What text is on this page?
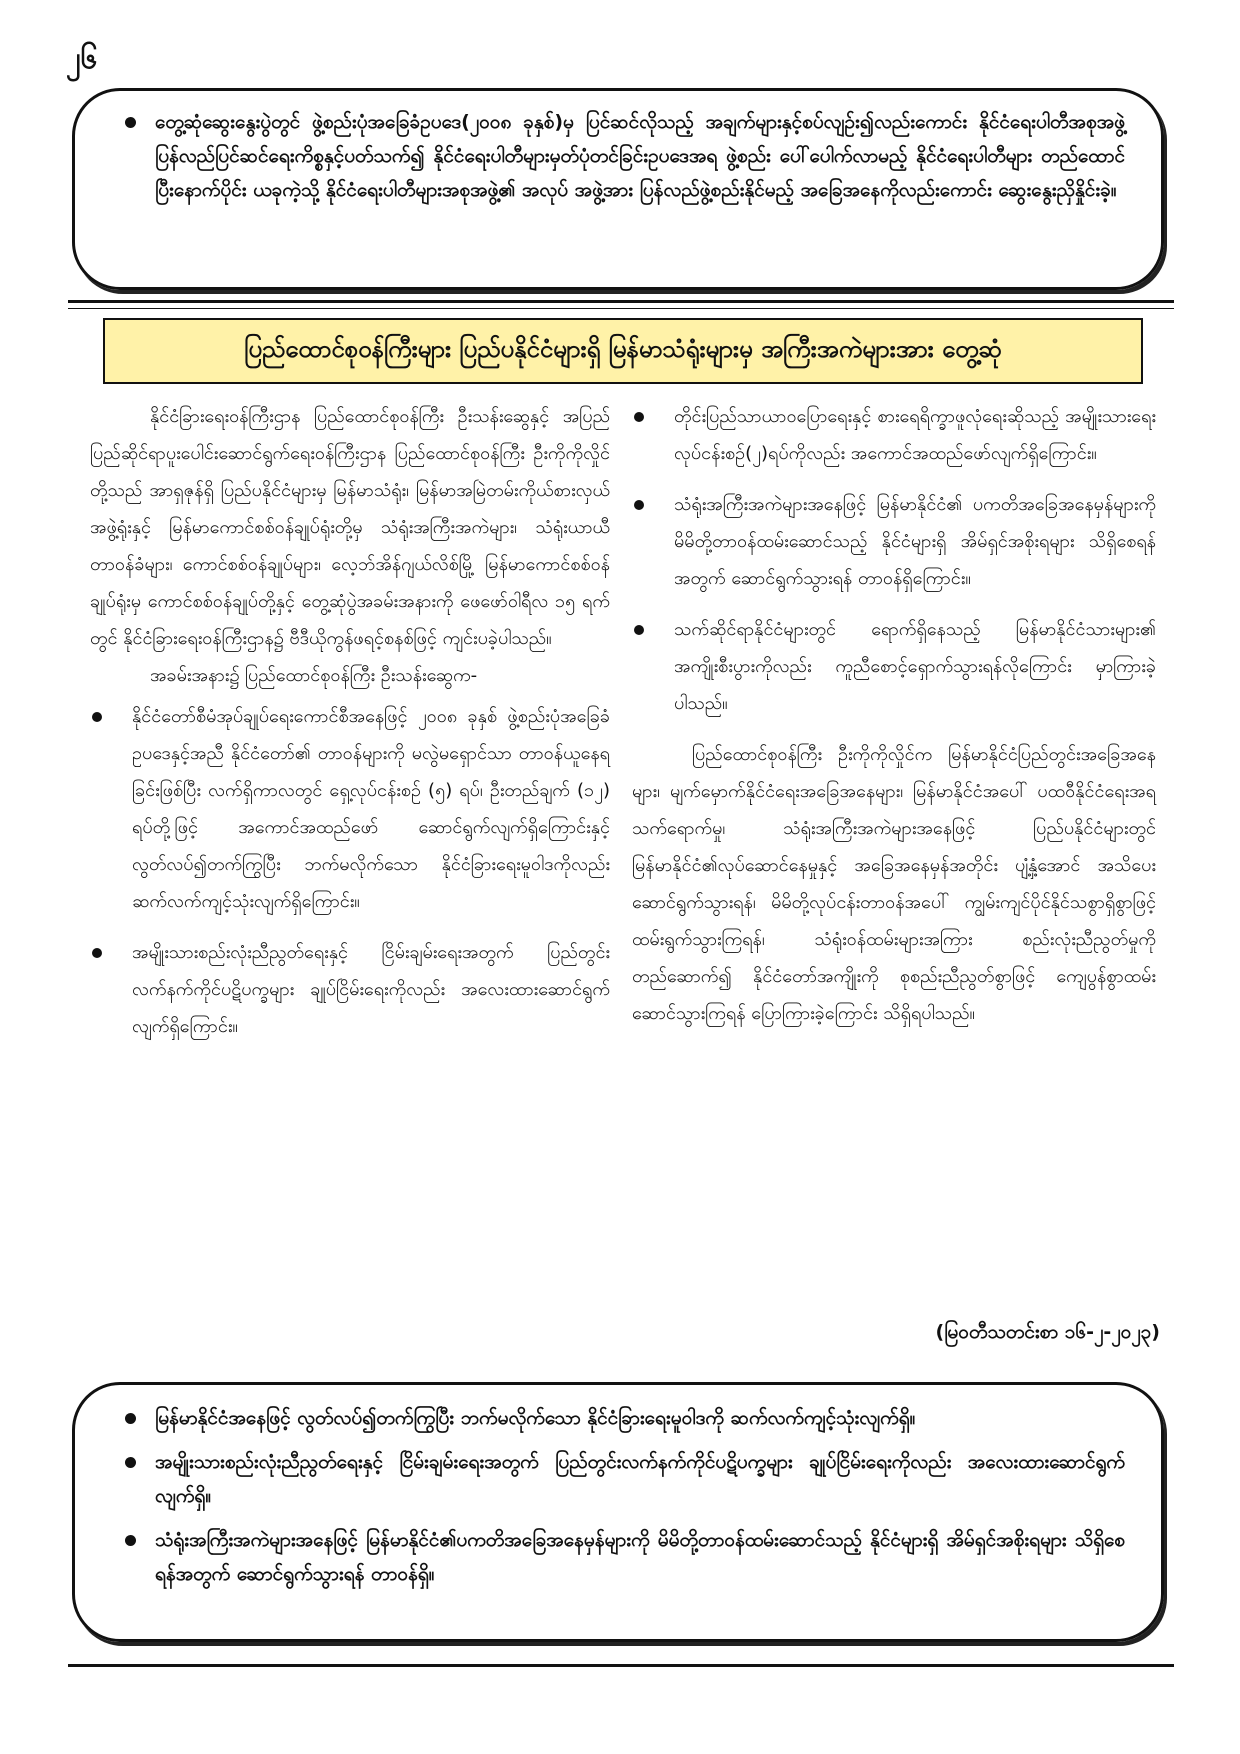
၂၆
တွေ့ဆုံဆွေးနွေးပွဲတွင် ဖွဲ့စည်းပုံအခြေခံဥပဒေ(၂၀၀၈ ခုနှစ်)မှ ပြင်ဆင်လိုသည့် အချက်များနှင့်စပ်လျဉ်း၍လည်းကောင်း နိုင်ငံရေးပါတီအစုအဖွဲ့ ပြန်လည်ပြင်ဆင်ရေးကိစ္စနှင့်ပတ်သက်၍ နိုင်ငံရေးပါတီများမှတ်ပုံတင်ခြင်းဥပဒေအရ ဖွဲ့စည်း ပေါ်ပေါက်လာမည့် နိုင်ငံရေးပါတီများ တည်ထောင်ပြီးနောက်ပိုင်း ယခုကဲ့သို့ နိုင်ငံရေးပါတီများအစုအဖွဲ့၏ အလုပ် အဖွဲ့အား ပြန်လည်ဖွဲ့စည်းနိုင်မည့် အခြေအနေကိုလည်းကောင်း ဆွေးနွေးညှိနှိုင်းခဲ့။
ပြည်ထောင်စုဝန်ကြီးများ ပြည်ပနိုင်ငံများရှိ မြန်မာသံရုံးများမှ အကြီးအကဲများအား တွေ့ဆုံ

နိုင်ငံခြားရေးဝန်ကြီးဌာန ပြည်ထောင်စုဝန်ကြီး ဦးသန်းဆွေနှင့် အပြည်ပြည်ဆိုင်ရာပူးပေါင်းဆောင်ရွက်ရေးဝန်ကြီးဌာန ပြည်ထောင်စုဝန်ကြီး ဦးကိုကိုလှိုင်တို့သည် အာရှဇုန်ရှိ ပြည်ပနိုင်ငံများမှ မြန်မာသံရုံး၊ မြန်မာအမြဲတမ်းကိုယ်စားလှယ်အဖွဲ့ရုံးနှင့် မြန်မာကောင်စစ်ဝန်ချုပ်ရုံးတို့မှ သံရုံးအကြီးအကဲများ၊ သံရုံးယာယီတာဝန်ခံများ၊ ကောင်စစ်ဝန်ချုပ်များ၊ လေ့ဘ်အိန်ဂျယ်လိစ်မြို့ မြန်မာကောင်စစ်ဝန်ချုပ်ရုံးမှ ကောင်စစ်ဝန်ချုပ်တို့နှင့် တွေ့ဆုံပွဲအခမ်းအနားကို ဖေဖော်ဝါရီလ ၁၅ ရက်တွင် နိုင်ငံခြားရေးဝန်ကြီးဌာန၌ ဗီဒီယိုကွန်ဖရင့်စနစ်ဖြင့် ကျင်းပခဲ့ပါသည်။

အခမ်းအနား၌ ပြည်ထောင်စုဝန်ကြီး ဦးသန်းဆွေက-

နိုင်ငံတော်စီမံအုပ်ချုပ်ရေးကောင်စီအနေဖြင့် ၂၀၀၈ ခုနှစ် ဖွဲ့စည်းပုံအခြေခံဥပဒေနှင့်အညီ နိုင်ငံတော်၏ တာဝန်များကို မလွဲမရှောင်သာ တာဝန်ယူနေရခြင်းဖြစ်ပြီး လက်ရှိကာလတွင် ရှေ့လုပ်ငန်းစဉ် (၅) ရပ်၊ ဦးတည်ချက် (၁၂) ရပ်တို့ဖြင့် အကောင်အထည်ဖော် ဆောင်ရွက်လျက်ရှိကြောင်းနှင့် လွတ်လပ်၍တက်ကြွပြီး ဘက်မလိုက်သော နိုင်ငံခြားရေးမူဝါဒကိုလည်း ဆက်လက်ကျင့်သုံးလျက်ရှိကြောင်း။
အမျိုးသားစည်းလုံးညီညွတ်ရေးနှင့် ငြိမ်းချမ်းရေးအတွက် ပြည်တွင်းလက်နက်ကိုင်ပဋိပက္ခများ ချုပ်ငြိမ်းရေးကိုလည်း အလေးထားဆောင်ရွက်လျက်ရှိကြောင်း။
တိုင်းပြည်သာယာဝပြောရေးနှင့် စားရေရိက္ခာဖူလုံရေးဆိုသည့် အမျိုးသားရေးလုပ်ငန်းစဉ်(၂)ရပ်ကိုလည်း အကောင်အထည်ဖော်လျက်ရှိကြောင်း။
သံရုံးအကြီးအကဲများအနေဖြင့် မြန်မာနိုင်ငံ၏ ပကတိအခြေအနေမှန်များကို မိမိတို့တာဝန်ထမ်းဆောင်သည့် နိုင်ငံများရှိ အိမ်ရှင်အစိုးရများ သိရှိစေရန်အတွက် ဆောင်ရွက်သွားရန် တာဝန်ရှိကြောင်း။
သက်ဆိုင်ရာနိုင်ငံများတွင် ရောက်ရှိနေသည့် မြန်မာနိုင်ငံသားများ၏ အကျိုးစီးပွားကိုလည်း ကူညီစောင့်ရှောက်သွားရန်လိုကြောင်း မှာကြားခဲ့ပါသည်။

ပြည်ထောင်စုဝန်ကြီး ဦးကိုကိုလှိုင်က မြန်မာနိုင်ငံပြည်တွင်းအခြေအနေများ၊ မျက်မှောက်နိုင်ငံရေးအခြေအနေများ၊ မြန်မာနိုင်ငံအပေါ် ပထဝီနိုင်ငံရေးအရ သက်ရောက်မှု၊ သံရုံးအကြီးအကဲများအနေဖြင့် ပြည်ပနိုင်ငံများတွင် မြန်မာနိုင်ငံ၏လုပ်ဆောင်နေမှုနှင့် အခြေအနေမှန်အတိုင်း ပျံ့နှံ့အောင် အသိပေးဆောင်ရွက်သွားရန်၊ မိမိတို့လုပ်ငန်းတာဝန်အပေါ် ကျွမ်းကျင်ပိုင်နိုင်သစွာရှိစွာဖြင့် ထမ်းရွက်သွားကြရန်၊ သံရုံးဝန်ထမ်းများအကြား စည်းလုံးညီညွတ်မှုကို တည်ဆောက်၍ နိုင်ငံတော်အကျိုးကို စုစည်းညီညွတ်စွာဖြင့် ကျေပွန်စွာထမ်းဆောင်သွားကြရန် ပြောကြားခဲ့ကြောင်း သိရှိရပါသည်။

(မြဝတီသတင်းစာ ၁၆-၂-၂၀၂၃)
မြန်မာနိုင်ငံအနေဖြင့် လွတ်လပ်၍တက်ကြွပြီး ဘက်မလိုက်သော နိုင်ငံခြားရေးမူဝါဒကို ဆက်လက်ကျင့်သုံးလျက်ရှိ။
အမျိုးသားစည်းလုံးညီညွတ်ရေးနှင့် ငြိမ်းချမ်းရေးအတွက် ပြည်တွင်းလက်နက်ကိုင်ပဋိပက္ခများ ချုပ်ငြိမ်းရေးကိုလည်း အလေးထားဆောင်ရွက်လျက်ရှိ။
သံရုံးအကြီးအကဲများအနေဖြင့် မြန်မာနိုင်ငံ၏ပကတိအခြေအနေမှန်များကို မိမိတို့တာဝန်ထမ်းဆောင်သည့် နိုင်ငံများရှိ အိမ်ရှင်အစိုးရများ သိရှိစေရန်အတွက် ဆောင်ရွက်သွားရန် တာဝန်ရှိ။
